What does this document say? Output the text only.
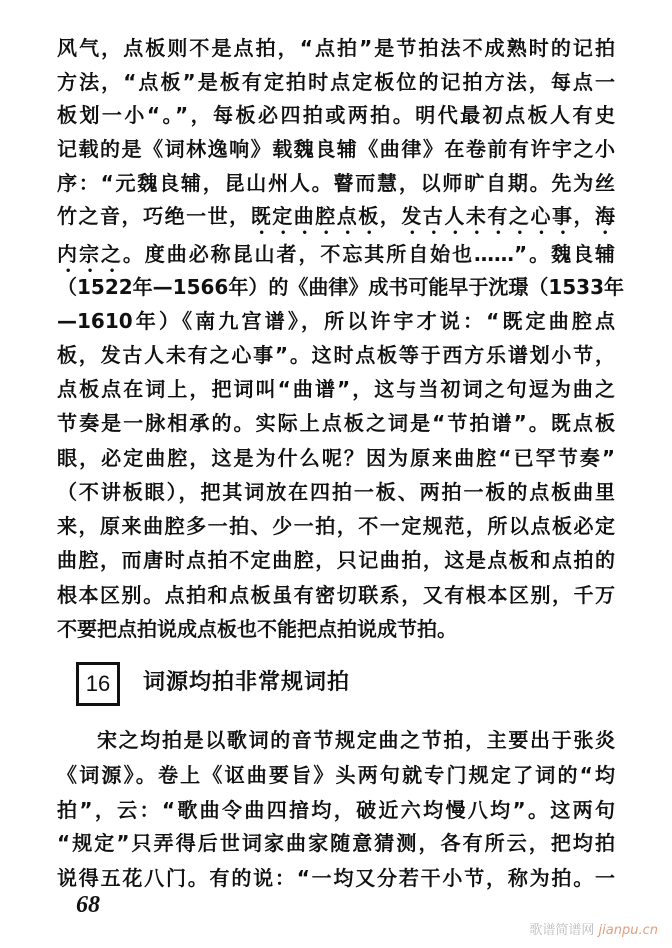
风气，点板则不是点拍，“点拍”是节拍法不成熟时的记拍
方法，“点板”是板有定拍时点定板位的记拍方法，每点一
板划一小“。”，每板必四拍或两拍。明代最初点板人有史
记载的是《词林逸响》载魏良辅《曲律》在卷前有许宇之小
序：“元魏良辅，昆山州人。瞽而慧，以师旷自期。先为丝
竹之音，巧绝一世，既定曲腔点板，发古人未有之心事，海
内宗之。度曲必称昆山者，不忘其所自始也……”。魏良辅
（1522年—1566年）的《曲律》成书可能早于沈璟（1533年
—1610年）《南九宫谱》，所以许宇才说：“既定曲腔点
板，发古人未有之心事”。这时点板等于西方乐谱划小节，
点板点在词上，把词叫“曲谱”，这与当初词之句逗为曲之
节奏是一脉相承的。实际上点板之词是“节拍谱”。既点板
眼，必定曲腔，这是为什么呢？因为原来曲腔“已罕节奏”
（不讲板眼），把其词放在四拍一板、两拍一板的点板曲里
来，原来曲腔多一拍、少一拍，不一定规范，所以点板必定
曲腔，而唐时点拍不定曲腔，只记曲拍，这是点板和点拍的
根本区别。点拍和点板虽有密切联系，又有根本区别，千万
不要把点拍说成点板也不能把点拍说成节拍。
16	词源均拍非常规词拍
宋之均拍是以歌词的音节规定曲之节拍，主要出于张炎
《词源》。卷上《讴曲要旨》头两句就专门规定了词的“均
拍”，云：“歌曲令曲四揞均，破近六均慢八均”。这两句
“规定”只弄得后世词家曲家随意猜测，各有所云，把均拍
说得五花八门。有的说：“一均又分若干小节，称为拍。一
68
歌谱简谱网 jianpu.cn
